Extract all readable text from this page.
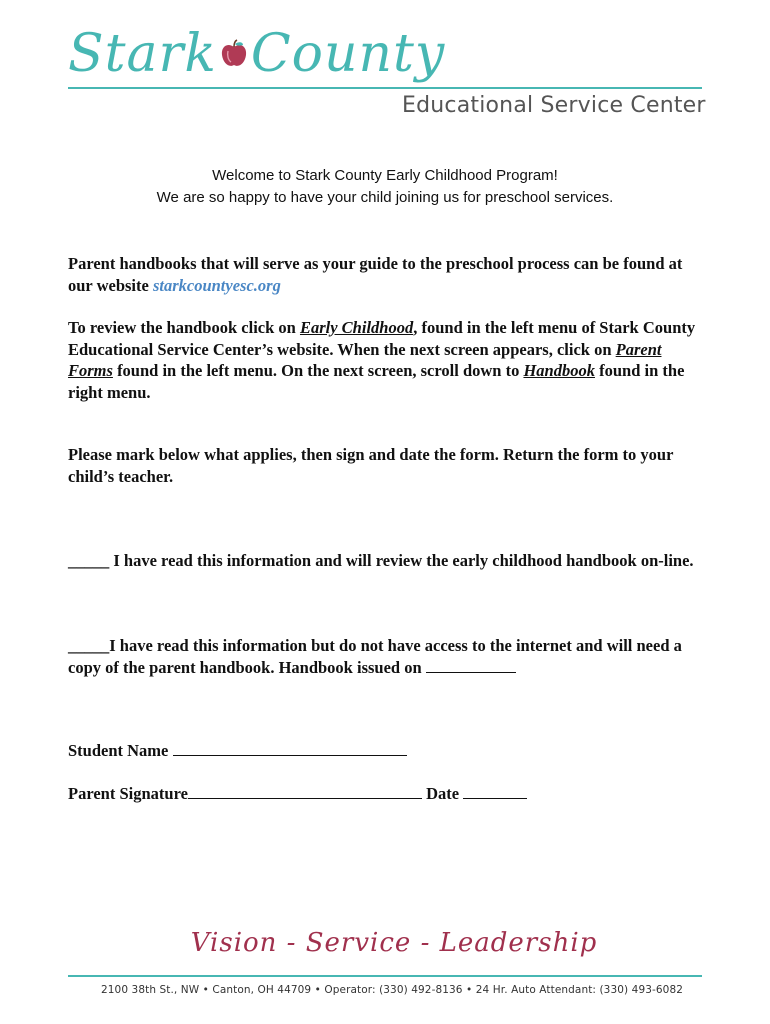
Stark County
Educational Service Center
Welcome to Stark County Early Childhood Program!
We are so happy to have your child joining us for preschool services.
Parent handbooks that will serve as your guide to the preschool process can be found at our website starkcountyesc.org
To review the handbook click on Early Childhood, found in the left menu of Stark County Educational Service Center’s website. When the next screen appears, click on Parent Forms found in the left menu. On the next screen, scroll down to Handbook found in the right menu.
Please mark below what applies, then sign and date the form. Return the form to your child’s teacher.
_____ I have read this information and will review the early childhood handbook on-line.
_____I have read this information but do not have access to the internet and will need a copy of the parent handbook. Handbook issued on
Student Name
Parent Signature	Date
Vision - Service - Leadership
2100 38th St., NW • Canton, OH 44709 • Operator: (330) 492-8136 • 24 Hr. Auto Attendant: (330) 493-6082
